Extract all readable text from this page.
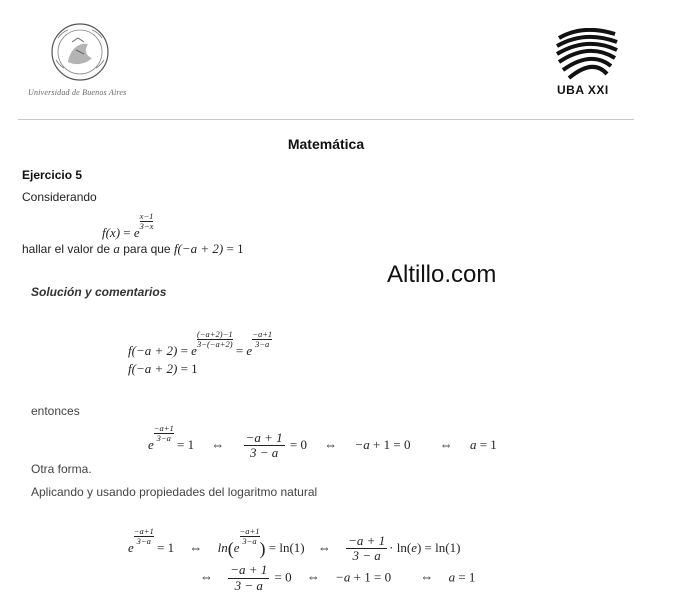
Universidad de Buenos Aires	UBA XXI
Matemática
Ejercicio 5
Considerando
f(x) = e
$\frac{x-1}{3-x}$
hallar el valor de a para que f(−a + 2) = 1
Altillo.com
Solución y comentarios
f(−a + 2) = e
$\frac{(-a+2)-1}{3-(-a+2)}$
= e
$\frac{-a+1}{3-a}$
f(−a + 2) = 1
entonces
e
$\frac{-a+1}{3-a}$
= 1 ⇔ $\frac{-a + 1}{3 - a} = 0$ ⇔ −a + 1 = 0 ⇔ a = 1
Otra forma.
Aplicando y usando propiedades del logaritmo natural
e
$\frac{-a+1}{3-a}$
= 1 ⇔ ln(e
$\frac{-a+1}{3-a}$
) = ln(1) ⇔ $\frac{-a + 1}{3 - a} \cdot \ln(e) = \ln(1)$
⇔ $\frac{-a + 1}{3 - a} = 0$ ⇔ −a + 1 = 0 ⇔ a = 1
